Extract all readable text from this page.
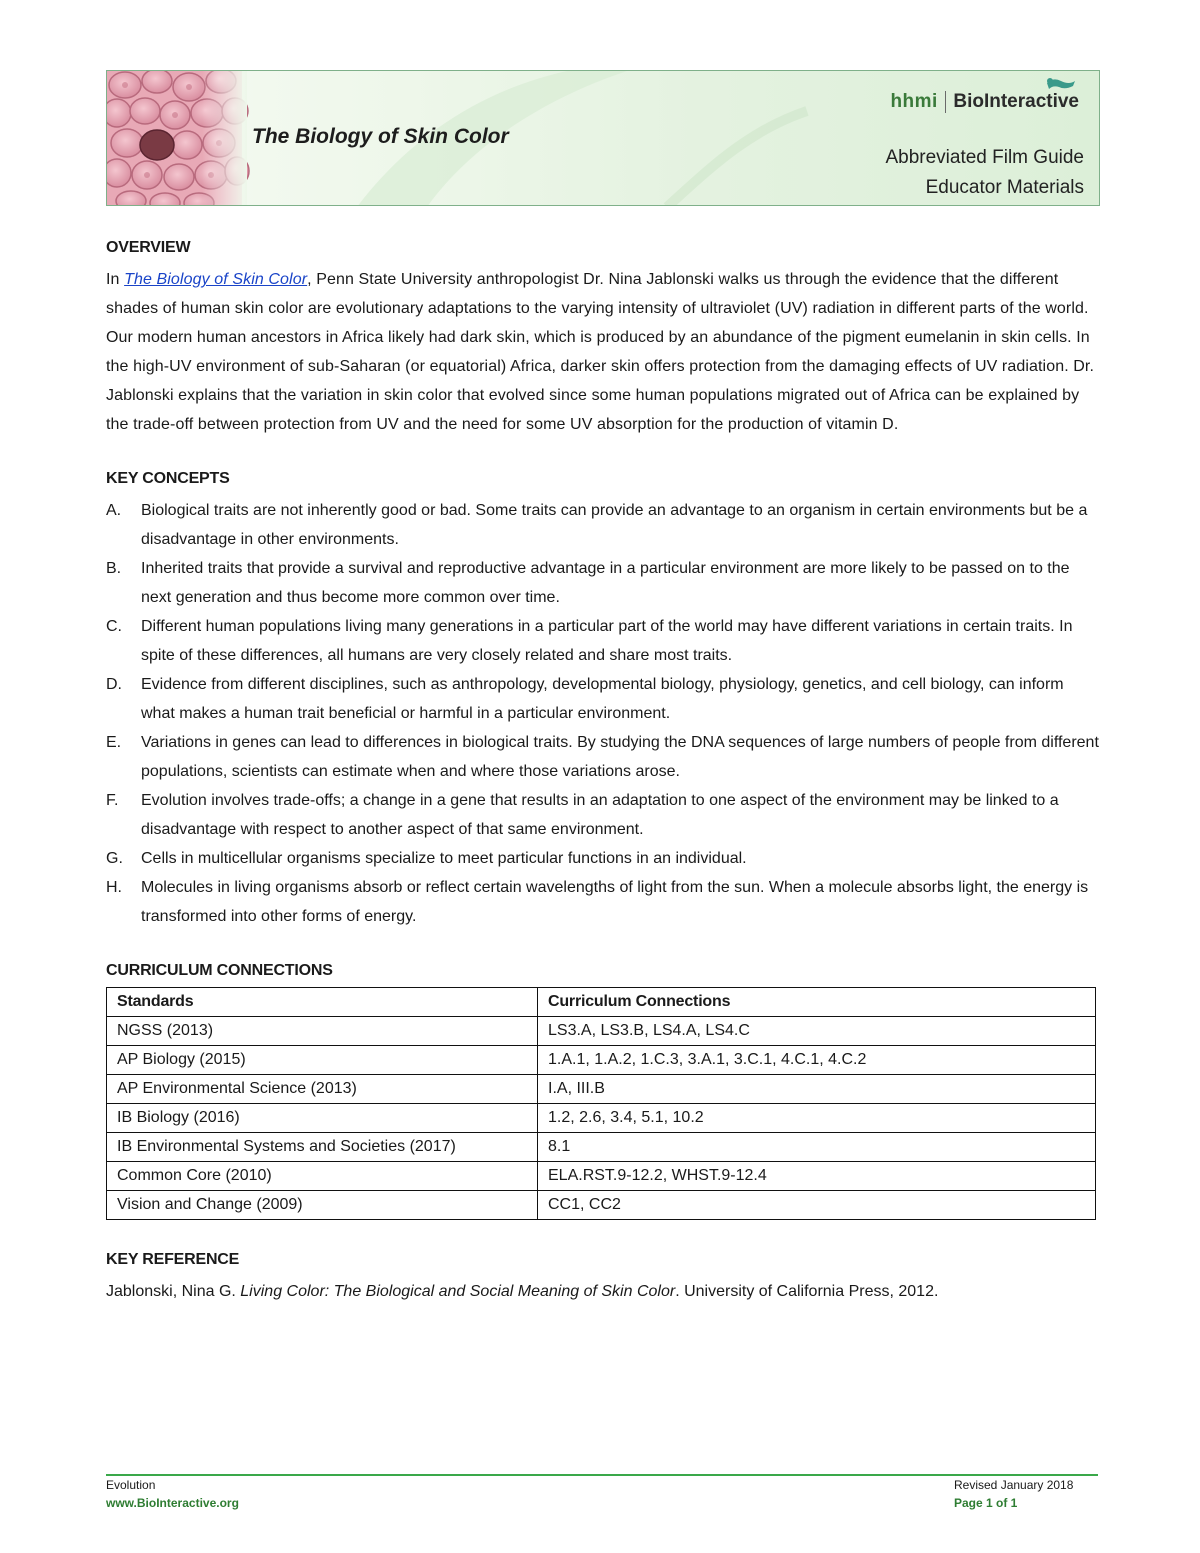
The Biology of Skin Color
hhmi BioInteractive
Abbreviated Film Guide
Educator Materials

OVERVIEW

In The Biology of Skin Color, Penn State University anthropologist Dr. Nina Jablonski walks us through the evidence that the different shades of human skin color are evolutionary adaptations to the varying intensity of ultraviolet (UV) radiation in different parts of the world. Our modern human ancestors in Africa likely had dark skin, which is produced by an abundance of the pigment eumelanin in skin cells. In the high-UV environment of sub-Saharan (or equatorial) Africa, darker skin offers protection from the damaging effects of UV radiation. Dr. Jablonski explains that the variation in skin color that evolved since some human populations migrated out of Africa can be explained by the trade-off between protection from UV and the need for some UV absorption for the production of vitamin D.

KEY CONCEPTS

A. Biological traits are not inherently good or bad. Some traits can provide an advantage to an organism in certain environments but be a disadvantage in other environments.
B. Inherited traits that provide a survival and reproductive advantage in a particular environment are more likely to be passed on to the next generation and thus become more common over time.
C. Different human populations living many generations in a particular part of the world may have different variations in certain traits. In spite of these differences, all humans are very closely related and share most traits.
D. Evidence from different disciplines, such as anthropology, developmental biology, physiology, genetics, and cell biology, can inform what makes a human trait beneficial or harmful in a particular environment.
E. Variations in genes can lead to differences in biological traits. By studying the DNA sequences of large numbers of people from different populations, scientists can estimate when and where those variations arose.
F. Evolution involves trade-offs; a change in a gene that results in an adaptation to one aspect of the environment may be linked to a disadvantage with respect to another aspect of that same environment.
G. Cells in multicellular organisms specialize to meet particular functions in an individual.
H. Molecules in living organisms absorb or reflect certain wavelengths of light from the sun. When a molecule absorbs light, the energy is transformed into other forms of energy.

CURRICULUM CONNECTIONS

Standards	Curriculum Connections
NGSS (2013)	LS3.A, LS3.B, LS4.A, LS4.C
AP Biology (2015)	1.A.1, 1.A.2, 1.C.3, 3.A.1, 3.C.1, 4.C.1, 4.C.2
AP Environmental Science (2013)	I.A, III.B
IB Biology (2016)	1.2, 2.6, 3.4, 5.1, 10.2
IB Environmental Systems and Societies (2017)	8.1
Common Core (2010)	ELA.RST.9-12.2, WHST.9-12.4
Vision and Change (2009)	CC1, CC2

KEY REFERENCE

Jablonski, Nina G. Living Color: The Biological and Social Meaning of Skin Color. University of California Press, 2012.

Evolution
www.BioInteractive.org
Revised January 2018
Page 1 of 1
